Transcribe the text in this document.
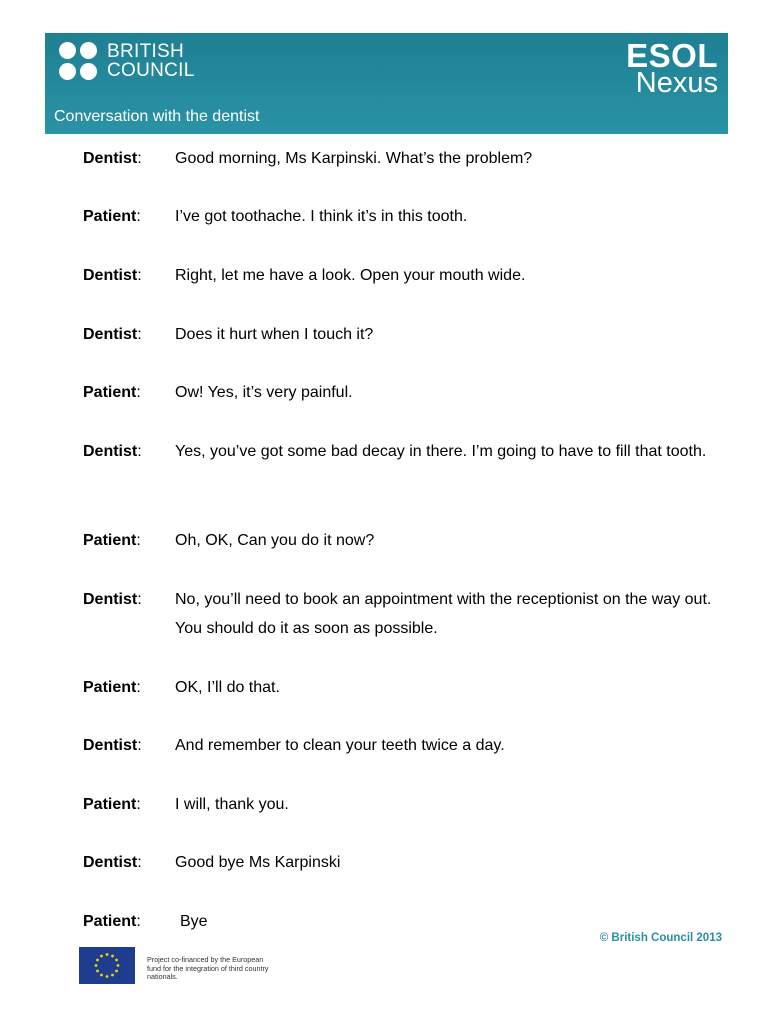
BRITISH
COUNCIL	ESOL
Nexus
Conversation with the dentist
Dentist: Good morning, Ms Karpinski. What’s the problem?
Patient: I’ve got toothache. I think it’s in this tooth.
Dentist: Right, let me have a look. Open your mouth wide.
Dentist: Does it hurt when I touch it?
Patient: Ow! Yes, it’s very painful.
Dentist: Yes, you’ve got some bad decay in there. I’m going to have to fill that tooth.
Patient: Oh, OK, Can you do it now?
Dentist: No, you’ll need to book an appointment with the receptionist on the way out. You should do it as soon as possible.
Patient: OK, I’ll do that.
Dentist: And remember to clean your teeth twice a day.
Patient: I will, thank you.
Dentist: Good bye Ms Karpinski
Patient:	Bye
© British Council 2013
Project co-financed by the European fund for the integration of third country nationals.
